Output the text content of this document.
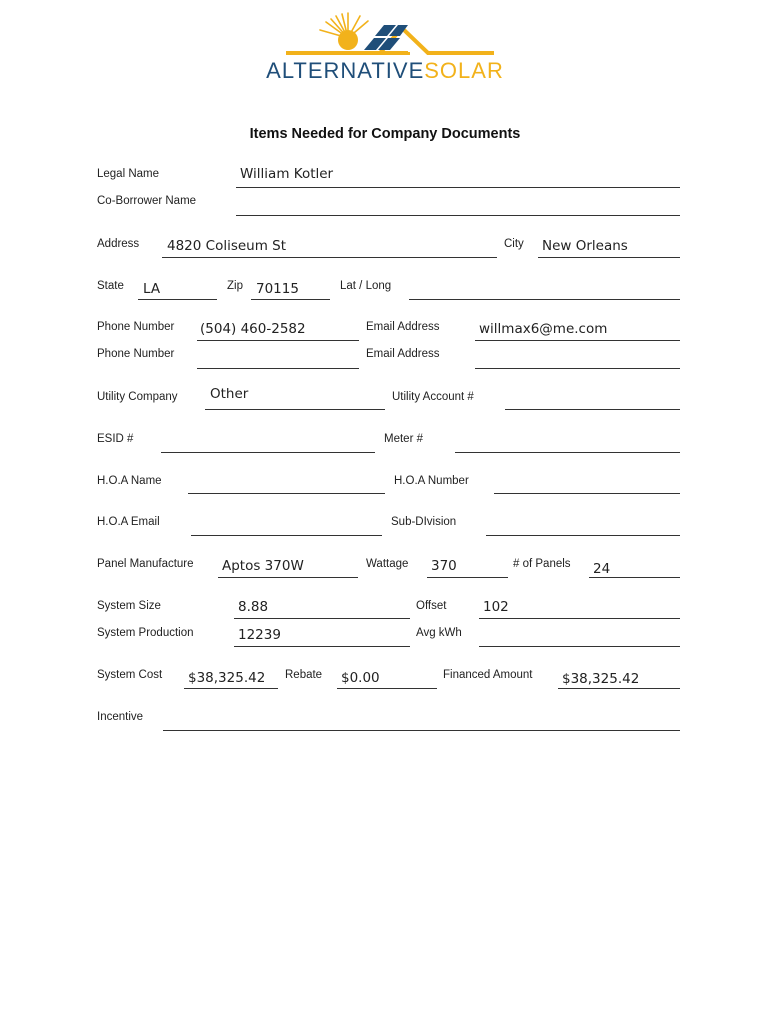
ALTERNATIVESOLAR
Items Needed for Company Documents
Legal Name	William Kotler
Co-Borrower Name
Address 4820 Coliseum St	City New Orleans
State LA	Zip 70115	Lat / Long
Phone Number (504) 460-2582	Email Address	willmax6@me.com
Phone Number	Email Address
Utility Company Other	Utility Account #
ESID #	Meter #
H.O.A Name	H.O.A Number
H.O.A Email	Sub-DIvision
Panel Manufacture Aptos 370W	Wattage 370	# of Panels 24
System Size	8.88	Offset	102
System Production	12239	Avg kWh
System Cost $38,325.42 Rebate $0.00	Financed Amount $38,325.42
Incentive
